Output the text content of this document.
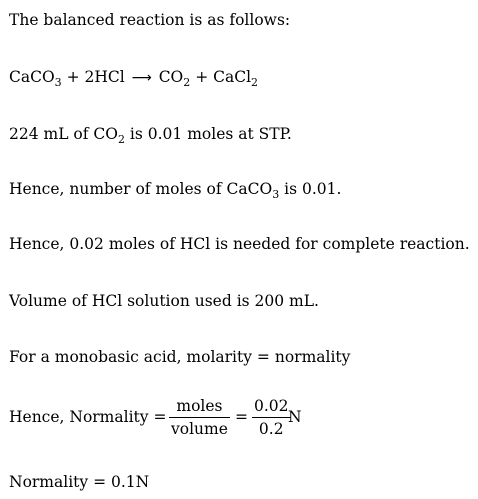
The balanced reaction is as follows:
CaCO$_3$ + 2HCl ⟶ $CO_2$ + CaCl$_2$
224 mL of $CO_2$ is 0.01 moles at STP.
Hence, number of moles of CaCO$_3$ is 0.01.
Hence, 0.02 moles of HCl is needed for complete reaction.
Volume of HCl solution used is 200 mL.
For a monobasic acid, molarity = normality
Hence, Normality =
moles
volume
=
0.02
0.2
N
Normality = 0.1N
